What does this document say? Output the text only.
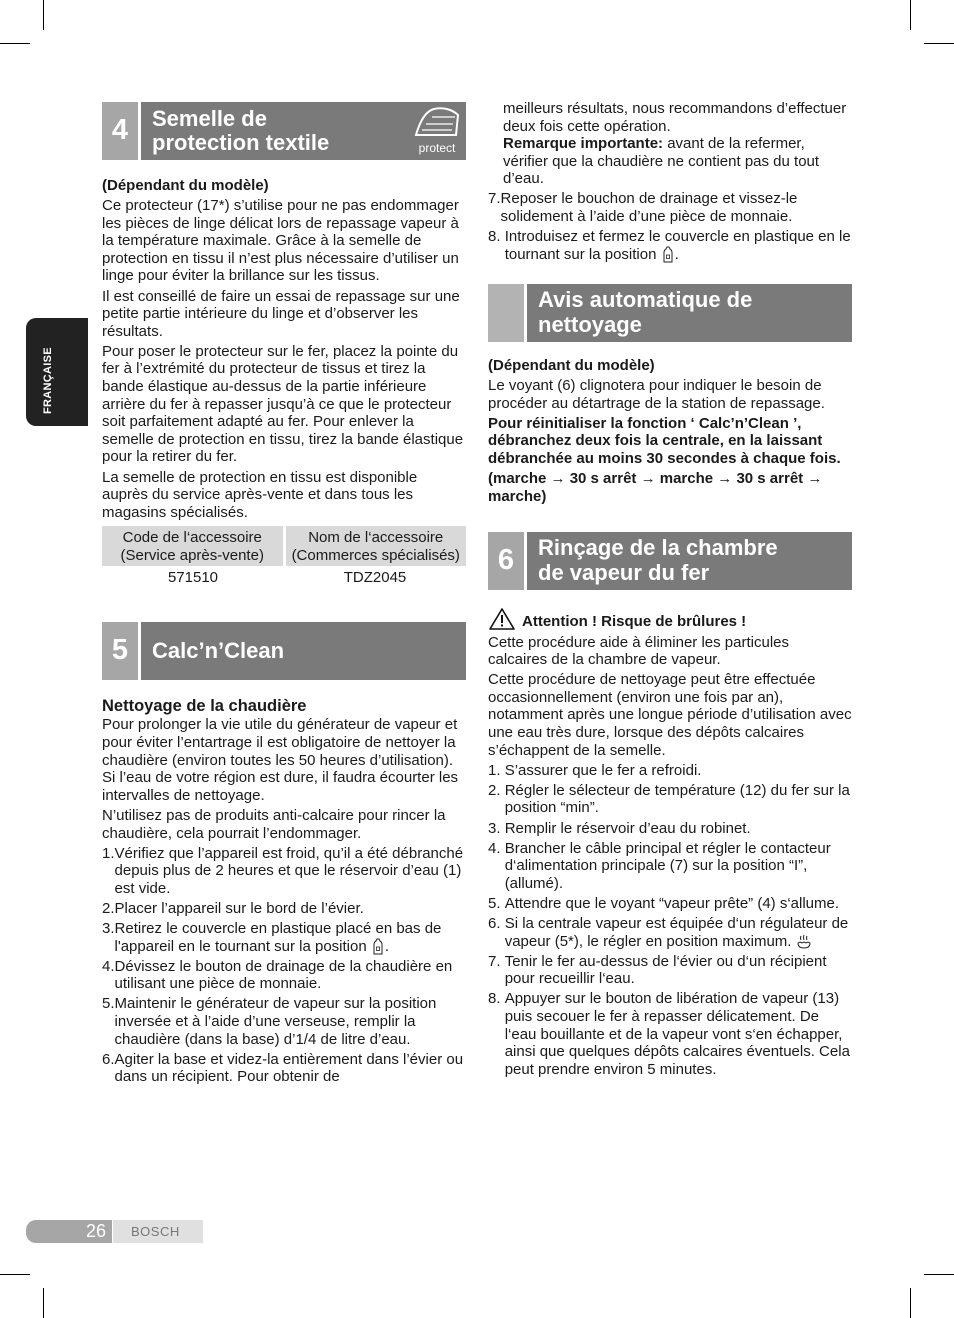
FRANÇAISE
4	Semelle de
protection textile	protect

(Dépendant du modèle)

Ce protecteur (17*) s’utilise pour ne pas endommager les pièces de linge délicat lors de repassage vapeur à la température maximale. Grâce à la semelle de protection en tissu il n’est plus nécessaire d’utiliser un linge pour éviter la brillance sur les tissus.

Il est conseillé de faire un essai de repassage sur une petite partie intérieure du linge et d’observer les résultats.

Pour poser le protecteur sur le fer, placez la pointe du fer à l’extrémité du protecteur de tissus et tirez la bande élastique au-dessus de la partie inférieure arrière du fer à repasser jusqu’à ce que le protecteur soit parfaitement adapté au fer. Pour enlever la semelle de protection en tissu, tirez la bande élastique pour la retirer du fer.

La semelle de protection en tissu est disponible auprès du service après-vente et dans tous les magasins spécialisés.

Code de l‘accessoire (Service après-vente)	Nom de l‘accessoire (Commerces spécialisés)
571510	TDZ2045
5	Calc’n’Clean

Nettoyage de la chaudière

Pour prolonger la vie utile du générateur de vapeur et pour éviter l’entartrage il est obligatoire de nettoyer la chaudière (environ toutes les 50 heures d’utilisation). Si l’eau de votre région est dure, il faudra écourter les intervalles de nettoyage.

N’utilisez pas de produits anti-calcaire pour rincer la chaudière, cela pourrait l’endommager.

1. Vérifiez que l’appareil est froid, qu’il a été débranché depuis plus de 2 heures et que le réservoir d’eau (1) est vide.
2. Placer l’appareil sur le bord de l’évier.
3. Retirez le couvercle en plastique placé en bas de l'appareil en le tournant sur la position .
4. Dévissez le bouton de drainage de la chaudière en utilisant une pièce de monnaie.
5. Maintenir le générateur de vapeur sur la position inversée et à l’aide d’une verseuse, remplir la chaudière (dans la base) d’1/4 de litre d’eau.
6. Agiter la base et videz-la entièrement dans l’évier ou dans un récipient. Pour obtenir de

meilleurs résultats, nous recommandons d’effectuer deux fois cette opération.

Remarque importante: avant de la refermer, vérifier que la chaudière ne contient pas du tout d’eau.

7. Reposer le bouchon de drainage et vissez-le solidement à l’aide d’une pièce de monnaie.
8. Introduisez et fermez le couvercle en plastique en le tournant sur la position .
Avis automatique de
nettoyage

(Dépendant du modèle)

Le voyant (6) clignotera pour indiquer le besoin de procéder au détartrage de la station de repassage.

Pour réinitialiser la fonction ‘ Calc’n’Clean ’, débranchez deux fois la centrale, en la laissant débranchée au moins 30 secondes à chaque fois.

(marche → 30 s arrêt → marche → 30 s arrêt → marche)

6	Rinçage de la chambre
de vapeur du fer
Attention ! Risque de brûlures !

Cette procédure aide à éliminer les particules calcaires de la chambre de vapeur.

Cette procédure de nettoyage peut être effectuée occasionnellement (environ une fois par an), notamment après une longue période d’utilisation avec une eau très dure, lorsque des dépôts calcaires s’échappent de la semelle.

1. S’assurer que le fer a refroidi.
2. Régler le sélecteur de température (12) du fer sur la position “min”.
3. Remplir le réservoir d’eau du robinet.
4. Brancher le câble principal et régler le contacteur d‘alimentation principale (7) sur la position “I”, (allumé).
5. Attendre que le voyant “vapeur prête” (4) s‘allume.
6. Si la centrale vapeur est équipée d‘un régulateur de vapeur (5*), le régler en position maximum.
7. Tenir le fer au-dessus de l‘évier ou d‘un récipient pour recueillir l‘eau.
8. Appuyer sur le bouton de libération de vapeur (13) puis secouer le fer à repasser délicatement. De l‘eau bouillante et de la vapeur vont s‘en échapper, ainsi que quelques dépôts calcaires éventuels. Cela peut prendre environ 5 minutes.
26	BOSCH
